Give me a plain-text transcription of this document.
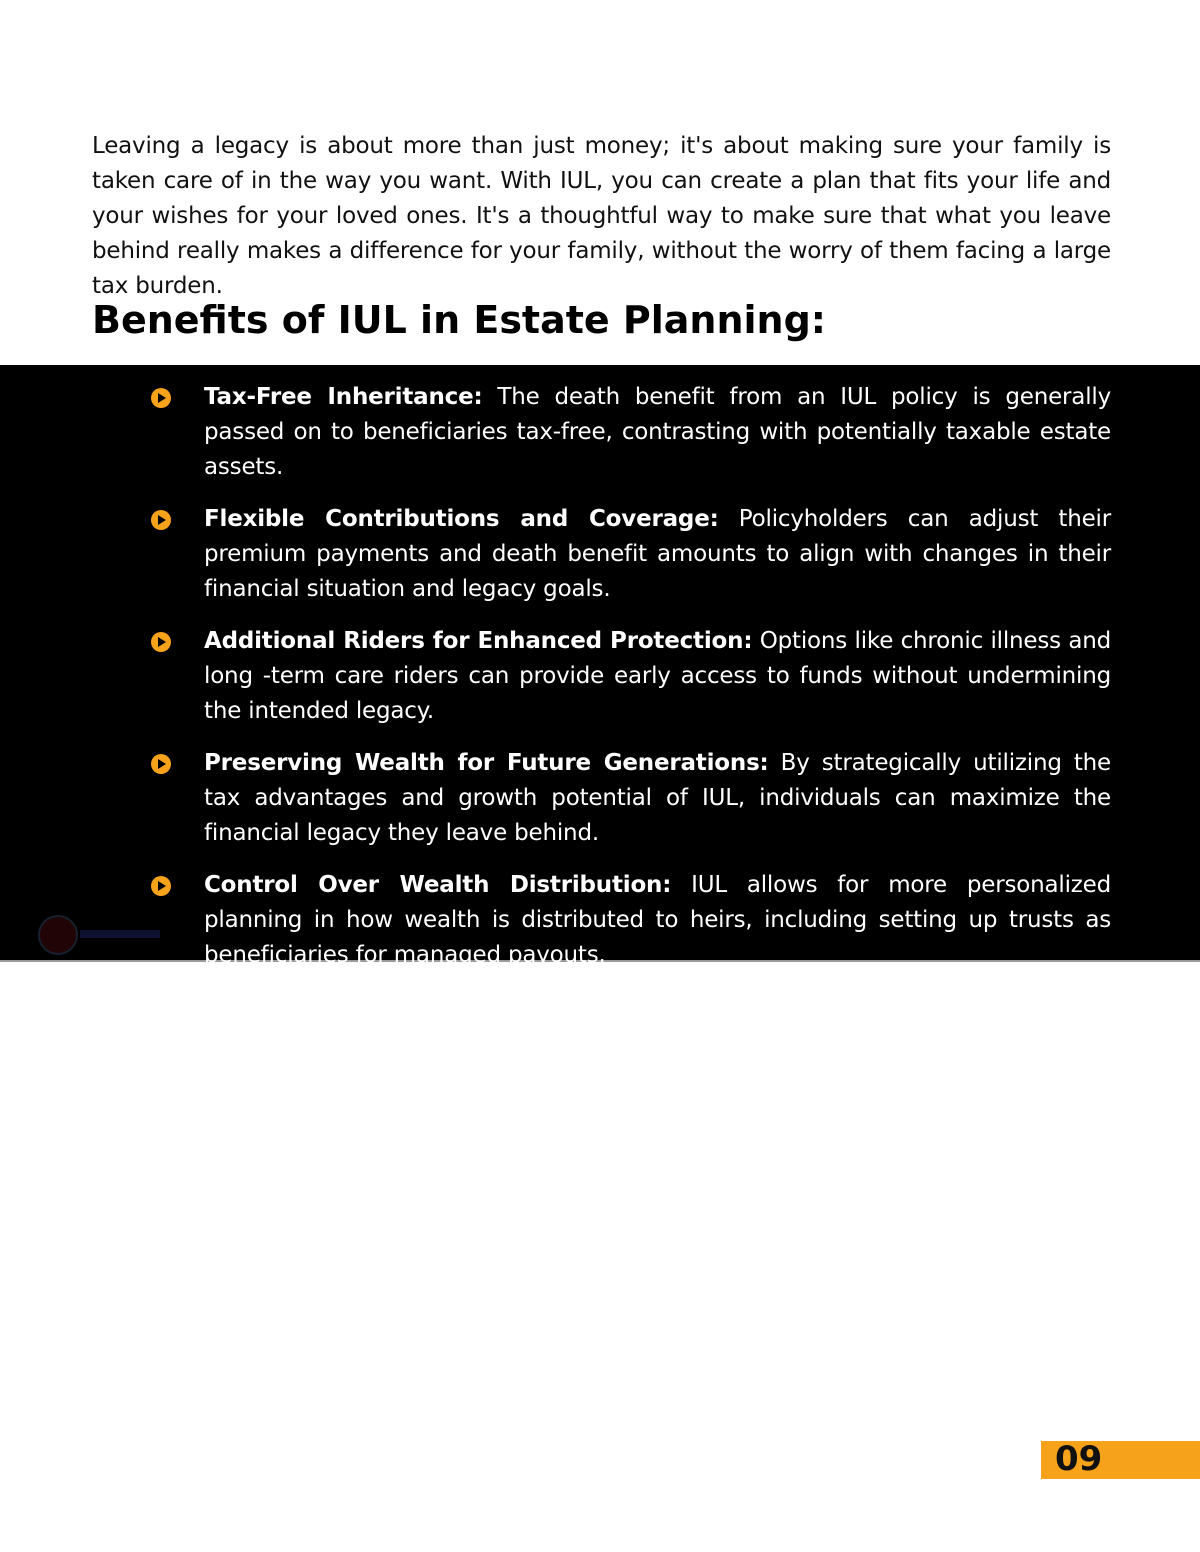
Leaving a legacy is about more than just money; it's about making sure your family is taken care of in the way you want. With IUL, you can create a plan that fits your life and your wishes for your loved ones. It's a thoughtful way to make sure that what you leave behind really makes a difference for your family, without the worry of them facing a large tax burden.

Benefits of IUL in Estate Planning:
Tax-Free Inheritance: The death benefit from an IUL policy is generally passed on to beneficiaries tax-free, contrasting with potentially taxable estate assets.
Flexible Contributions and Coverage: Policyholders can adjust their premium payments and death benefit amounts to align with changes in their financial situation and legacy goals.
Additional Riders for Enhanced Protection: Options like chronic illness and long -term care riders can provide early access to funds without undermining the intended legacy.
Preserving Wealth for Future Generations: By strategically utilizing the tax advantages and growth potential of IUL, individuals can maximize the financial legacy they leave behind.
Control Over Wealth Distribution: IUL allows for more personalized planning in how wealth is distributed to heirs, including setting up trusts as beneficiaries for managed payouts.
09
